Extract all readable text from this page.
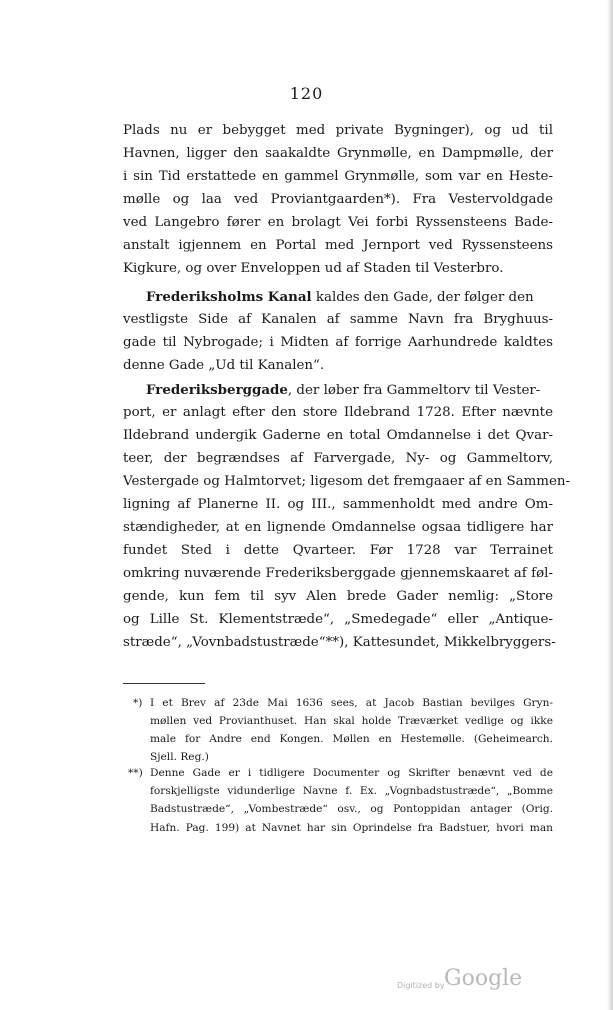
120
Plads nu er bebygget med private Bygninger), og ud til
Havnen, ligger den saakaldte Grynmølle, en Dampmølle, der
i sin Tid erstattede en gammel Grynmølle, som var en Heste-
mølle og laa ved Proviantgaarden*). Fra Vestervoldgade
ved Langebro fører en brolagt Vei forbi Ryssensteens Bade-
anstalt igjennem en Portal med Jernport ved Ryssensteens
Kigkure, og over Enveloppen ud af Staden til Vesterbro.
Frederiksholms Kanal kaldes den Gade, der følger den
vestligste Side af Kanalen af samme Navn fra Bryghuus-
gade til Nybrogade; i Midten af forrige Aarhundrede kaldtes
denne Gade „Ud til Kanalen“.
Frederiksberggade, der løber fra Gammeltorv til Vester-
port, er anlagt efter den store Ildebrand 1728. Efter nævnte
Ildebrand undergik Gaderne en total Omdannelse i det Qvar-
teer, der begrændses af Farvergade, Ny- og Gammeltorv,
Vestergade og Halmtorvet; ligesom det fremgaaer af en Sammen-
ligning af Planerne II. og III., sammenholdt med andre Om-
stændigheder, at en lignende Omdannelse ogsaa tidligere har
fundet Sted i dette Qvarteer. Før 1728 var Terrainet
omkring nuværende Frederiksberggade gjennemskaaret af føl-
gende, kun fem til syv Alen brede Gader nemlig: „Store
og Lille St. Klementstræde“, „Smedegade“ eller „Antique-
stræde“, „Vovnbadstustræde“**), Kattesundet, Mikkelbryggers-
*) I et Brev af 23de Mai 1636 sees, at Jacob Bastian bevilges Gryn-
møllen ved Provianthuset. Han skal holde Træværket vedlige og ikke
male for Andre end Kongen. Møllen en Hestemølle. (Geheimearch.
Sjell. Reg.)
**) Denne Gade er i tidligere Documenter og Skrifter benævnt ved de
forskjelligste vidunderlige Navne f. Ex. „Vognbadstustræde“, „Bomme
Badstustræde“, „Vombestræde“ osv., og Pontoppidan antager (Orig.
Hafn. Pag. 199) at Navnet har sin Oprindelse fra Badstuer, hvori man
Digitized by Google
